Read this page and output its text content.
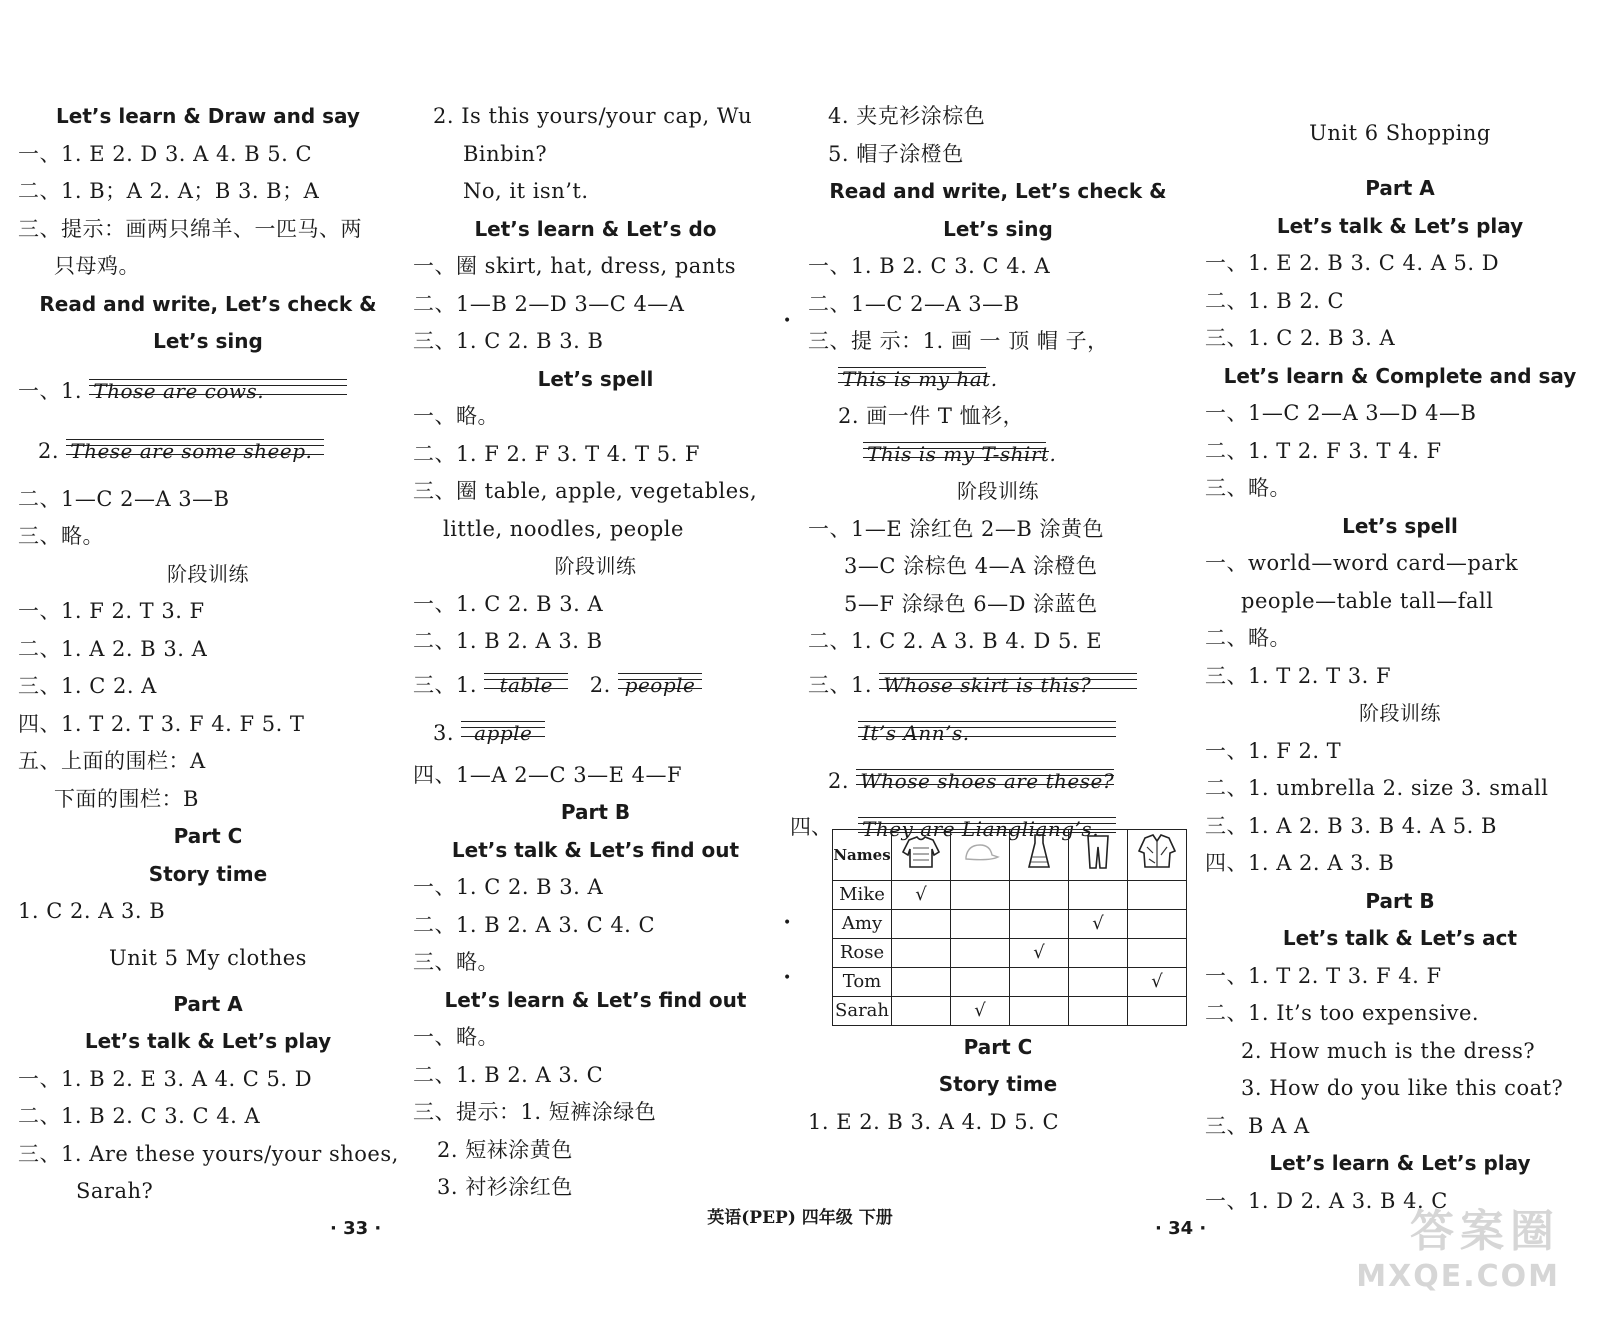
Let’s learn & Draw and say
一、1. E 2. D 3. A 4. B 5. C
二、1. B；A 2. A；B 3. B；A
三、提示：画两只绵羊、一匹马、两
只母鸡。
Read and write, Let’s check &
Let’s sing
一、1. Those are cows.
2. These are some sheep.
二、1—C 2—A 3—B
三、略。
阶段训练
一、1. F 2. T 3. F
二、1. A 2. B 3. A
三、1. C 2. A
四、1. T 2. T 3. F 4. F 5. T
五、上面的围栏：A
下面的围栏：B
Part C
Story time
1. C 2. A 3. B
Unit 5 My clothes
Part A
Let’s talk & Let’s play
一、1. B 2. E 3. A 4. C 5. D
二、1. B 2. C 3. C 4. A
三、1. Are these yours/your shoes,
Sarah?
2. Is this yours/your cap, Wu
Binbin?
No, it isn’t.
Let’s learn & Let’s do
一、圈 skirt, hat, dress, pants
二、1—B 2—D 3—C 4—A
三、1. C 2. B 3. B
Let’s spell
一、略。
二、1. F 2. F 3. T 4. T 5. F
三、圈 table, apple, vegetables,
little, noodles, people
阶段训练
一、1. C 2. B 3. A
二、1. B 2. A 3. B
三、1. table 2. people
3. apple
四、1—A 2—C 3—E 4—F
Part B
Let’s talk & Let’s find out
一、1. C 2. B 3. A
二、1. B 2. A 3. C 4. C
三、略。
Let’s learn & Let’s find out
一、略。
二、1. B 2. A 3. C
三、提示：1. 短裤涂绿色
2. 短袜涂黄色
3. 衬衫涂红色
4. 夹克衫涂棕色
5. 帽子涂橙色
Read and write, Let’s check &
Let’s sing
一、1. B 2. C 3. C 4. A
二、1—C 2—A 3—B
三、提 示：1. 画 一 顶 帽 子，
This is my hat.
2. 画一件 T 恤衫，
This is my T-shirt.
阶段训练
一、1—E 涂红色 2—B 涂黄色
3—C 涂棕色 4—A 涂橙色
5—F 涂绿色 6—D 涂蓝色
二、1. C 2. A 3. B 4. D 5. E
三、1. Whose skirt is this?
It’s Ann’s.
2. Whose shoes are these?
They are Liangliang’s.
四、
Names					
Mike	√				
Amy				√	
Rose			√		
Tom					√
Sarah		√			
Part C
Story time
1. E 2. B 3. A 4. D 5. C
Unit 6 Shopping
Part A
Let’s talk & Let’s play
一、1. E 2. B 3. C 4. A 5. D
二、1. B 2. C
三、1. C 2. B 3. A
Let’s learn & Complete and say
一、1—C 2—A 3—D 4—B
二、1. T 2. F 3. T 4. F
三、略。
Let’s spell
一、world—word card—park
people—table tall—fall
二、略。
三、1. T 2. T 3. F
阶段训练
一、1. F 2. T
二、1. umbrella 2. size 3. small
三、1. A 2. B 3. B 4. A 5. B
四、1. A 2. A 3. B
Part B
Let’s talk & Let’s act
一、1. T 2. T 3. F 4. F
二、1. It’s too expensive.
2. How much is the dress?
3. How do you like this coat?
三、B A A
Let’s learn & Let’s play
一、1. D 2. A 3. B 4. C
•
•
•
· 33 ·	英语(PEP) 四年级 下册	· 34 ·	答案圈
MXQE.COM
